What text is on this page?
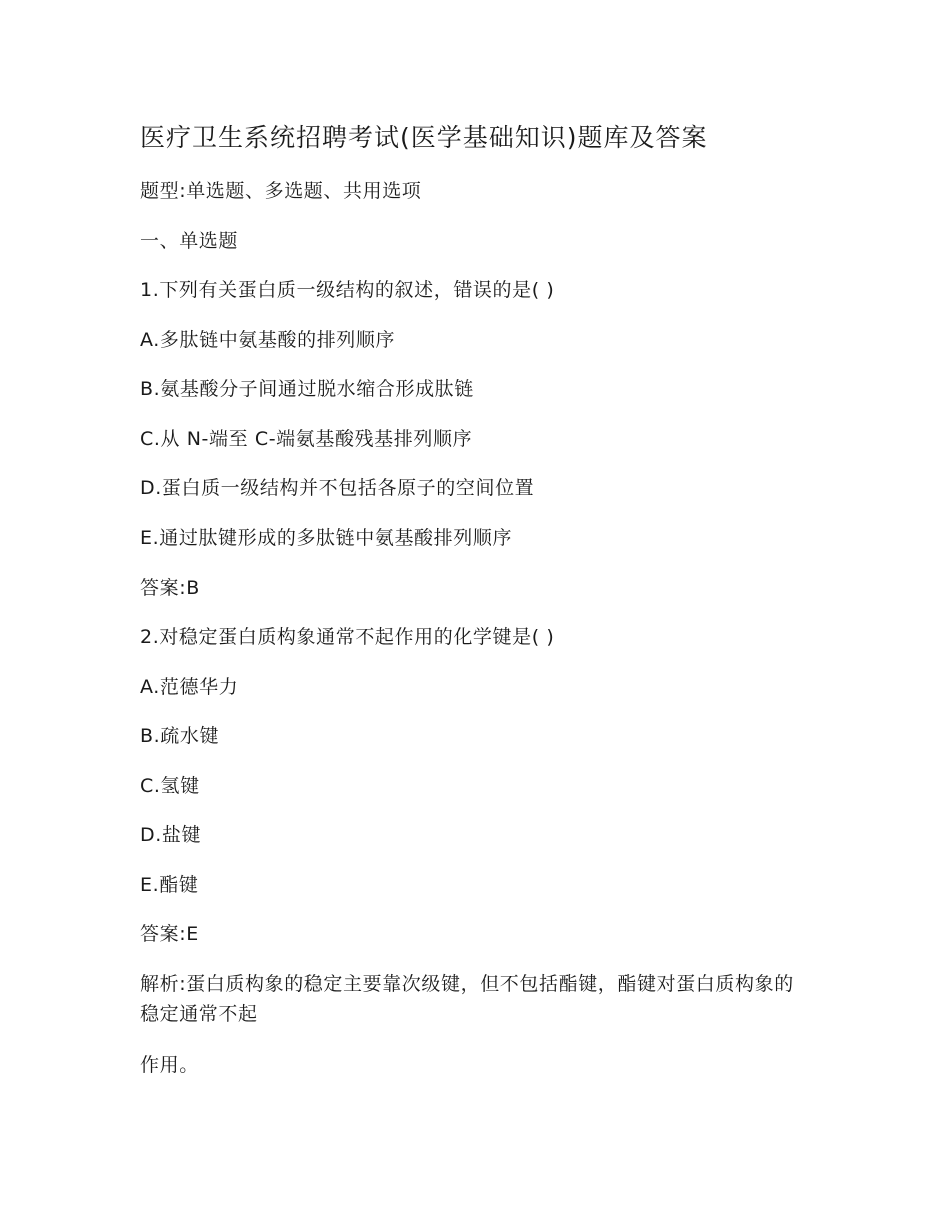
医疗卫生系统招聘考试(医学基础知识)题库及答案
题型:单选题、多选题、共用选项
一、单选题
1.下列有关蛋白质一级结构的叙述，错误的是( )
A.多肽链中氨基酸的排列顺序
B.氨基酸分子间通过脱水缩合形成肽链
C.从 N-端至 C-端氨基酸残基排列顺序
D.蛋白质一级结构并不包括各原子的空间位置
E.通过肽键形成的多肽链中氨基酸排列顺序
答案:B
2.对稳定蛋白质构象通常不起作用的化学键是( )
A.范德华力
B.疏水键
C.氢键
D.盐键
E.酯键
答案:E
解析:蛋白质构象的稳定主要靠次级键，但不包括酯键，酯键对蛋白质构象的稳定通常不起
作用。
